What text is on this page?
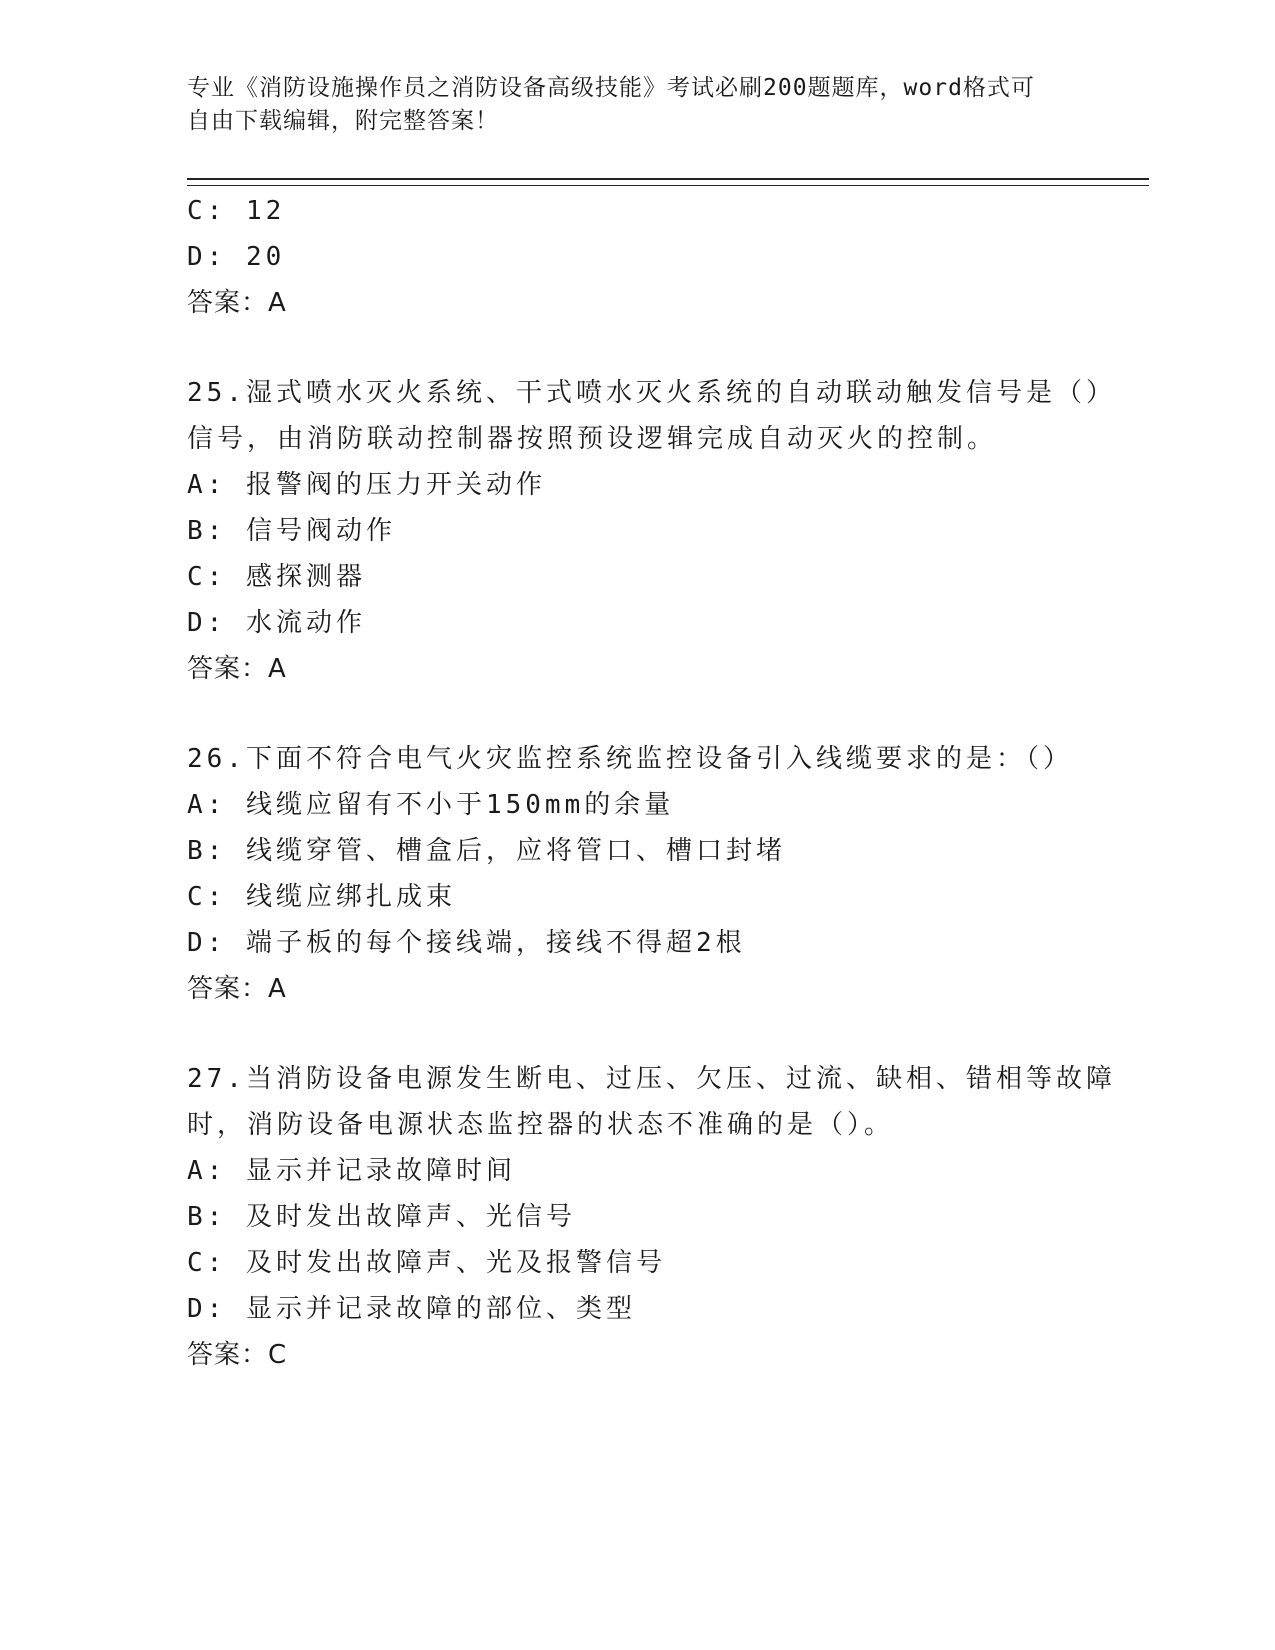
专业《消防设施操作员之消防设备高级技能》考试必刷200题题库，word格式可
自由下载编辑，附完整答案！
C: 12
D: 20
答案：A
25.湿式喷水灭火系统、干式喷水灭火系统的自动联动触发信号是（）
信号，由消防联动控制器按照预设逻辑完成自动灭火的控制。
A: 报警阀的压力开关动作
B: 信号阀动作
C: 感探测器
D: 水流动作
答案：A
26.下面不符合电气火灾监控系统监控设备引入线缆要求的是：（）
A: 线缆应留有不小于150mm的余量
B: 线缆穿管、槽盒后，应将管口、槽口封堵
C: 线缆应绑扎成束
D: 端子板的每个接线端，接线不得超2根
答案：A
27.当消防设备电源发生断电、过压、欠压、过流、缺相、错相等故障
时，消防设备电源状态监控器的状态不准确的是（）。
A: 显示并记录故障时间
B: 及时发出故障声、光信号
C: 及时发出故障声、光及报警信号
D: 显示并记录故障的部位、类型
答案：C
